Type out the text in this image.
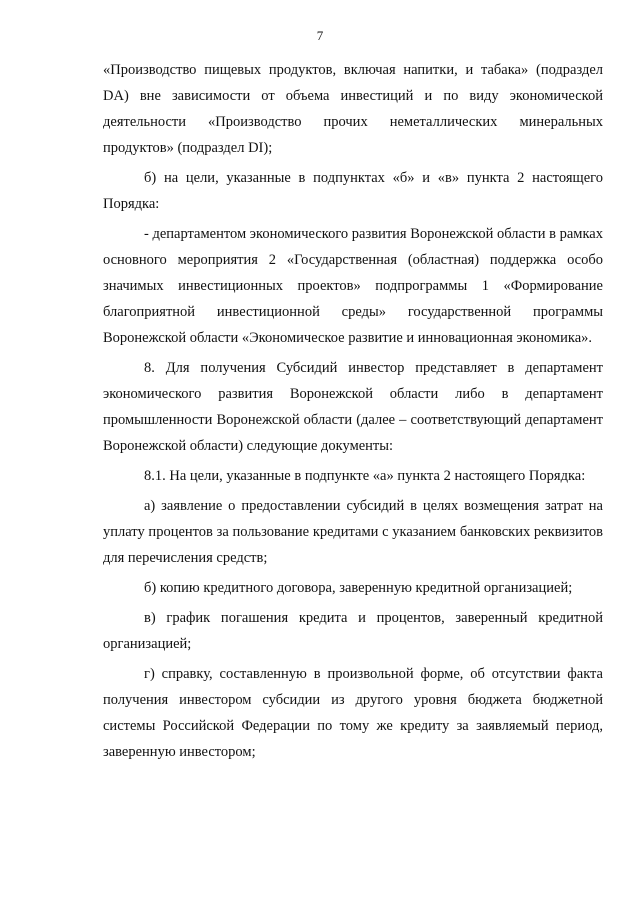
7

«Производство пищевых продуктов, включая напитки, и табака» (подраздел DA) вне зависимости от объема инвестиций и по виду экономической деятельности «Производство прочих неметаллических минеральных продуктов» (подраздел DI);

б) на цели, указанные в подпунктах «б» и «в» пункта 2 настоящего Порядка:

- департаментом экономического развития Воронежской области в рамках основного мероприятия 2 «Государственная (областная) поддержка особо значимых инвестиционных проектов» подпрограммы 1 «Формирование благоприятной инвестиционной среды» государственной программы Воронежской области «Экономическое развитие и инновационная экономика».

8. Для получения Субсидий инвестор представляет в департамент экономического развития Воронежской области либо в департамент промышленности Воронежской области (далее – соответствующий департамент Воронежской области) следующие документы:

8.1. На цели, указанные в подпункте «а» пункта 2 настоящего Порядка:

а) заявление о предоставлении субсидий в целях возмещения затрат на уплату процентов за пользование кредитами с указанием банковских реквизитов для перечисления средств;

б) копию кредитного договора, заверенную кредитной организацией;

в) график погашения кредита и процентов, заверенный кредитной организацией;

г) справку, составленную в произвольной форме, об отсутствии факта получения инвестором субсидии из другого уровня бюджета бюджетной системы Российской Федерации по тому же кредиту за заявляемый период, заверенную инвестором;
